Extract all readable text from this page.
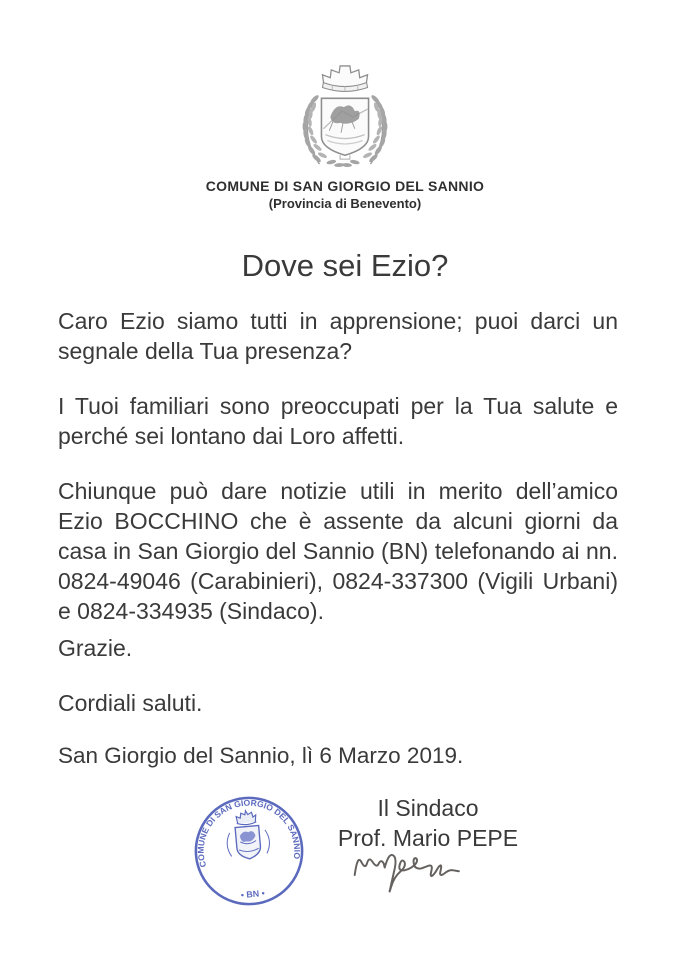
COMUNE DI SAN GIORGIO DEL SANNIO
(Provincia di Benevento)
Dove sei Ezio?

Caro Ezio siamo tutti in apprensione; puoi darci un segnale della Tua presenza?

I Tuoi familiari sono preoccupati per la Tua salute e perché sei lontano dai Loro affetti.

Chiunque può dare notizie utili in merito dell’amico Ezio BOCCHINO che è assente da alcuni giorni da casa in San Giorgio del Sannio (BN) telefonando ai nn. 0824-49046 (Carabinieri), 0824-337300 (Vigili Urbani) e 0824-334935 (Sindaco).

Grazie.

Cordiali saluti.

San Giorgio del Sannio, lì 6 Marzo 2019.

COMUNE DI SAN GIORGIO DEL SANNIO
• BN •
Il Sindaco
Prof. Mario PEPE
